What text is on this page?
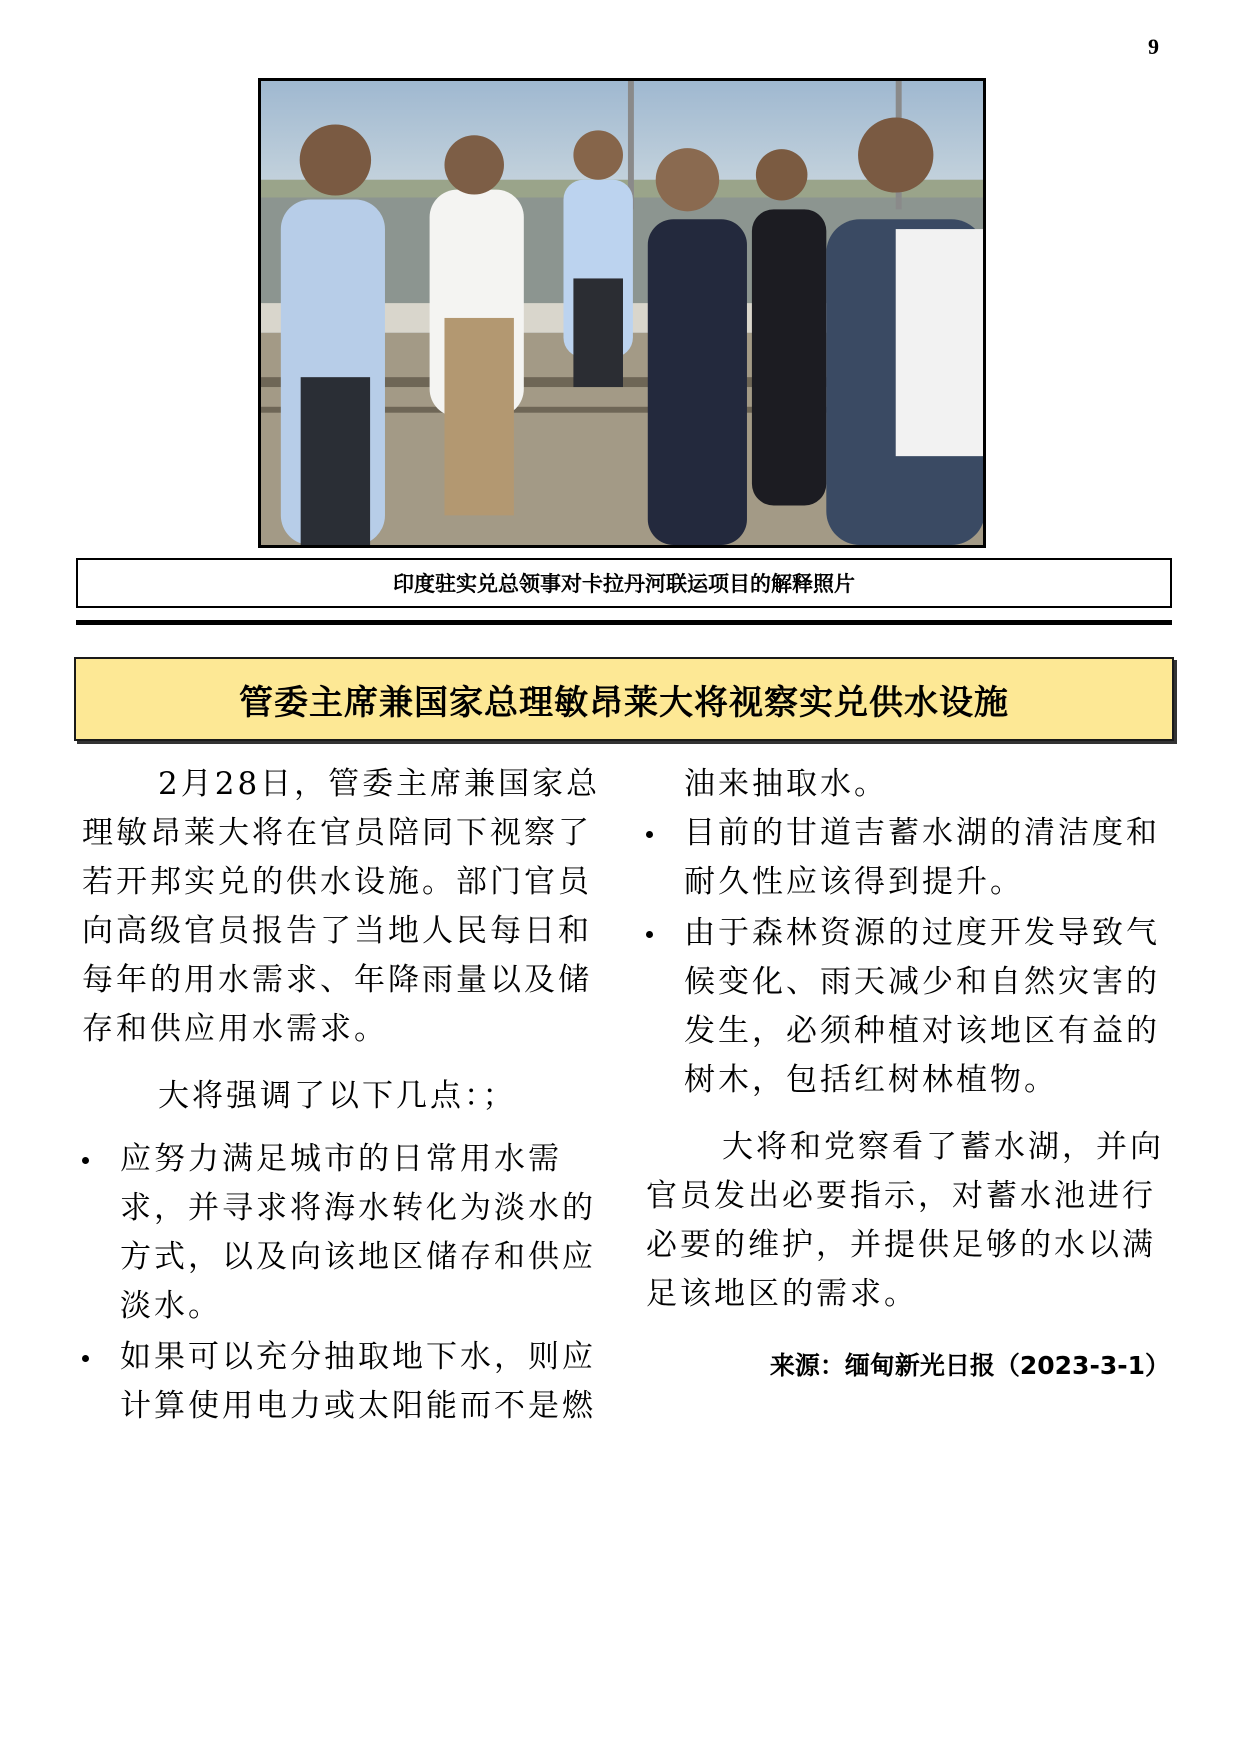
9
印度驻实兑总领事对卡拉丹河联运项目的解释照片
管委主席兼国家总理敏昂莱大将视察实兑供水设施

2月28日，管委主席兼国家总理敏昂莱大将在官员陪同下视察了若开邦实兑的供水设施。部门官员向高级官员报告了当地人民每日和每年的用水需求、年降雨量以及储存和供应用水需求。

大将强调了以下几点：；

应努力满足城市的日常用水需求，并寻求将海水转化为淡水的方式，以及向该地区储存和供应淡水。
如果可以充分抽取地下水，则应计算使用电力或太阳能而不是燃

油来抽取水。

目前的甘道吉蓄水湖的清洁度和耐久性应该得到提升。
由于森林资源的过度开发导致气候变化、雨天减少和自然灾害的发生，必须种植对该地区有益的树木，包括红树林植物。

大将和党察看了蓄水湖，并向官员发出必要指示，对蓄水池进行必要的维护，并提供足够的水以满足该地区的需求。

来源：缅甸新光日报（2023-3-1）
